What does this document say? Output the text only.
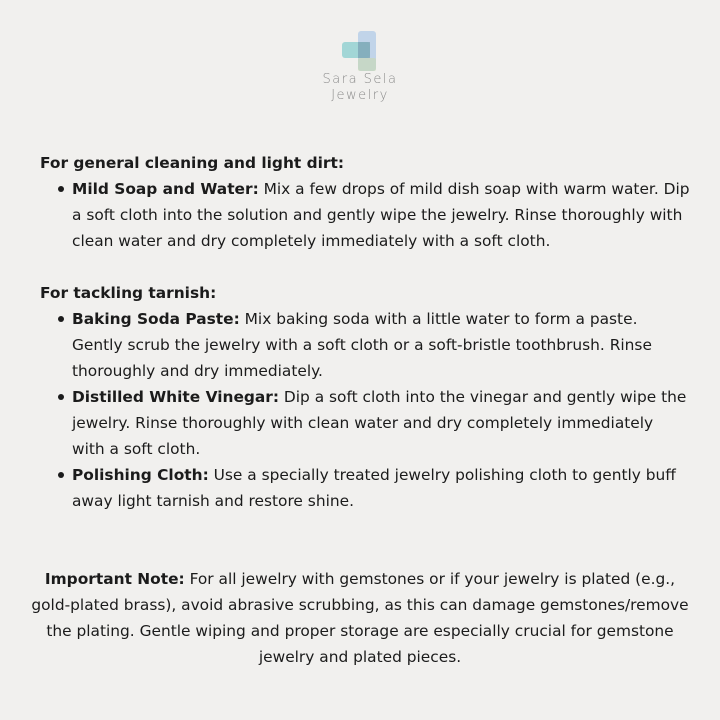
Sara Sela
Jewelry

For general cleaning and light dirt:

Mild Soap and Water: Mix a few drops of mild dish soap with warm water. Dip a soft cloth into the solution and gently wipe the jewelry. Rinse thoroughly with clean water and dry completely immediately with a soft cloth.

For tackling tarnish:

Baking Soda Paste: Mix baking soda with a little water to form a paste. Gently scrub the jewelry with a soft cloth or a soft-bristle toothbrush. Rinse thoroughly and dry immediately.
Distilled White Vinegar: Dip a soft cloth into the vinegar and gently wipe the jewelry. Rinse thoroughly with clean water and dry completely immediately with a soft cloth.
Polishing Cloth: Use a specially treated jewelry polishing cloth to gently buff away light tarnish and restore shine.
Important Note: For all jewelry with gemstones or if your jewelry is plated (e.g., gold-plated brass), avoid abrasive scrubbing, as this can damage gemstones/remove the plating. Gentle wiping and proper storage are especially crucial for gemstone jewelry and plated pieces.
